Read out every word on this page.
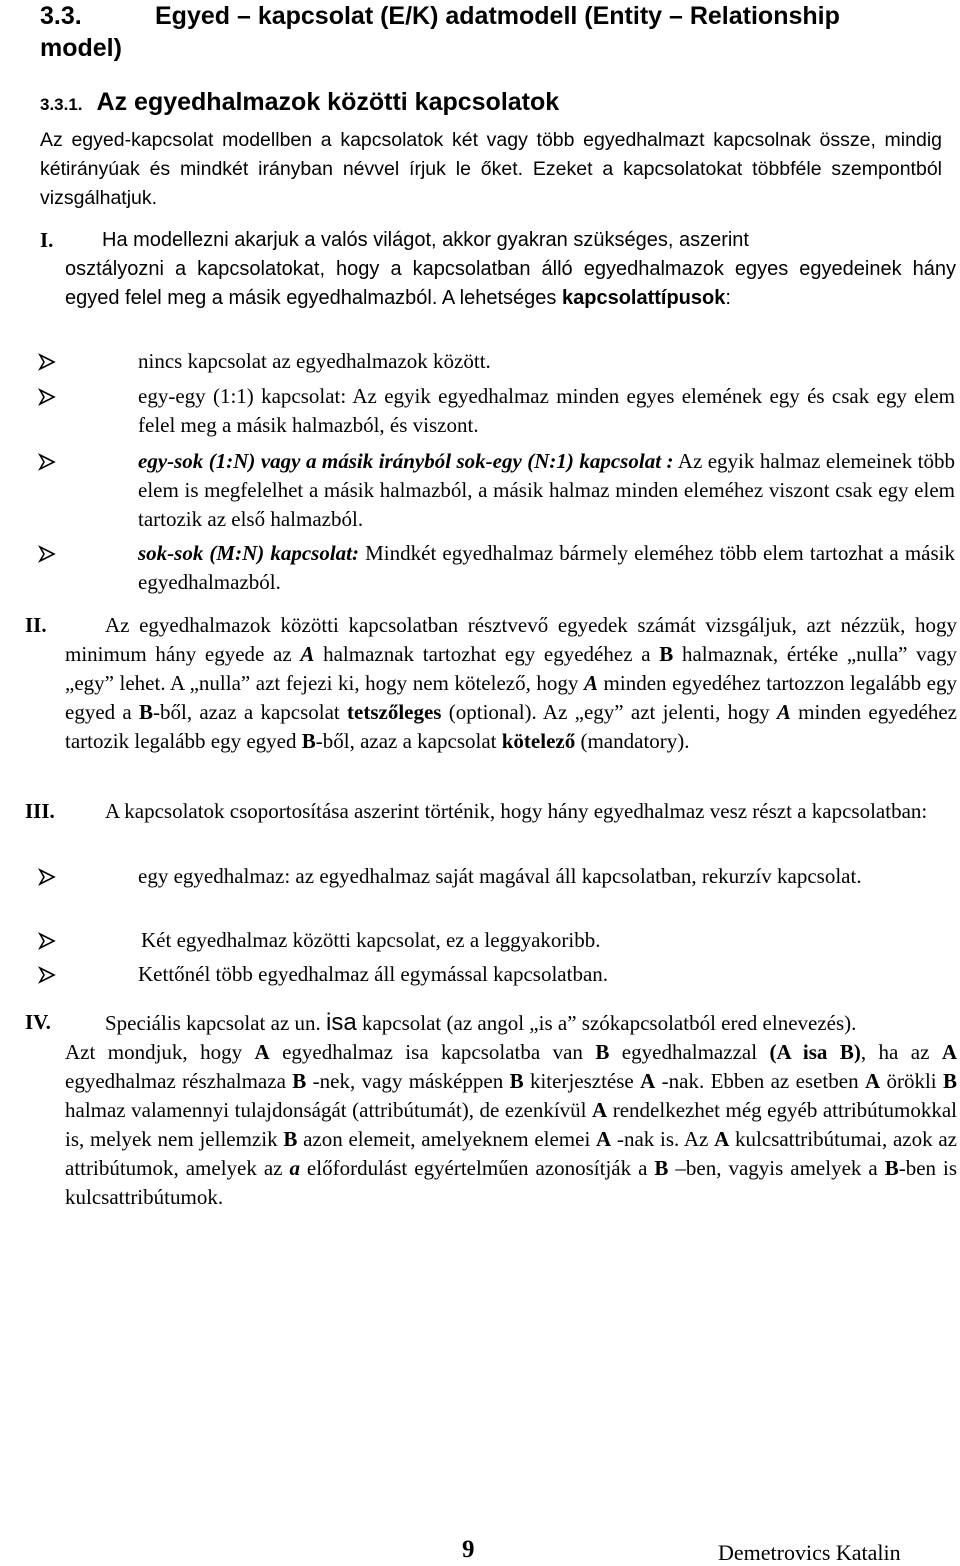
3.3.	Egyed – kapcsolat (E/K) adatmodell (Entity – Relationship
model)
3.3.1. Az egyedhalmazok közötti kapcsolatok
Az egyed-kapcsolat modellben a kapcsolatok két vagy több egyedhalmazt kapcsolnak össze, mindig kétirányúak és mindkét irányban névvel írjuk le őket. Ezeket a kapcsolatokat többféle szempontból vizsgálhatjuk.
I. Ha modellezni akarjuk a valós világot, akkor gyakran szükséges, aszerint
osztályozni a kapcsolatokat, hogy a kapcsolatban álló egyedhalmazok egyes egyedeinek hány egyed felel meg a másik egyedhalmazból. A lehetséges kapcsolattípusok:
nincs kapcsolat az egyedhalmazok között.
egy-egy (1:1) kapcsolat: Az egyik egyedhalmaz minden egyes elemének egy és csak egy elem felel meg a másik halmazból, és viszont.
egy-sok (1:N) vagy a másik irányból sok-egy (N:1) kapcsolat : Az egyik halmaz elemeinek több elem is megfelelhet a másik halmazból, a másik halmaz minden eleméhez viszont csak egy elem tartozik az első halmazból.
sok-sok (M:N) kapcsolat: Mindkét egyedhalmaz bármely eleméhez több elem tartozhat a másik egyedhalmazból.
II.	Az egyedhalmazok közötti kapcsolatban résztvevő egyedek számát vizsgáljuk, azt nézzük, hogy minimum hány egyede az A halmaznak tartozhat egy egyedéhez a B halmaznak, értéke „nulla” vagy „egy” lehet. A „nulla” azt fejezi ki, hogy nem kötelező, hogy A minden egyedéhez tartozzon legalább egy egyed a B-ből, azaz a kapcsolat tetszőleges (optional). Az „egy” azt jelenti, hogy A minden egyedéhez tartozik legalább egy egyed B-ből, azaz a kapcsolat kötelező (mandatory).
III.	A kapcsolatok csoportosítása aszerint történik, hogy hány egyedhalmaz vesz részt a kapcsolatban:
egy egyedhalmaz: az egyedhalmaz saját magával áll kapcsolatban, rekurzív kapcsolat.
Két egyedhalmaz közötti kapcsolat, ez a leggyakoribb.
Kettőnél több egyedhalmaz áll egymással kapcsolatban.
IV.	Speciális kapcsolat az un. isa kapcsolat (az angol „is a” szókapcsolatból ered elnevezés).
Azt mondjuk, hogy A egyedhalmaz isa kapcsolatba van B egyedhalmazzal (A isa B), ha az A egyedhalmaz részhalmaza B -nek, vagy másképpen B kiterjesztése A -nak. Ebben az esetben A örökli B halmaz valamennyi tulajdonságát (attribútumát), de ezenkívül A rendelkezhet még egyéb attribútumokkal is, melyek nem jellemzik B azon elemeit, amelyeknem elemei A -nak is. Az A kulcsattribútumai, azok az attribútumok, amelyek az a előfordulást egyértelműen azonosítják a B –ben, vagyis amelyek a B-ben is kulcsattribútumok.
9	Demetrovics Katalin
